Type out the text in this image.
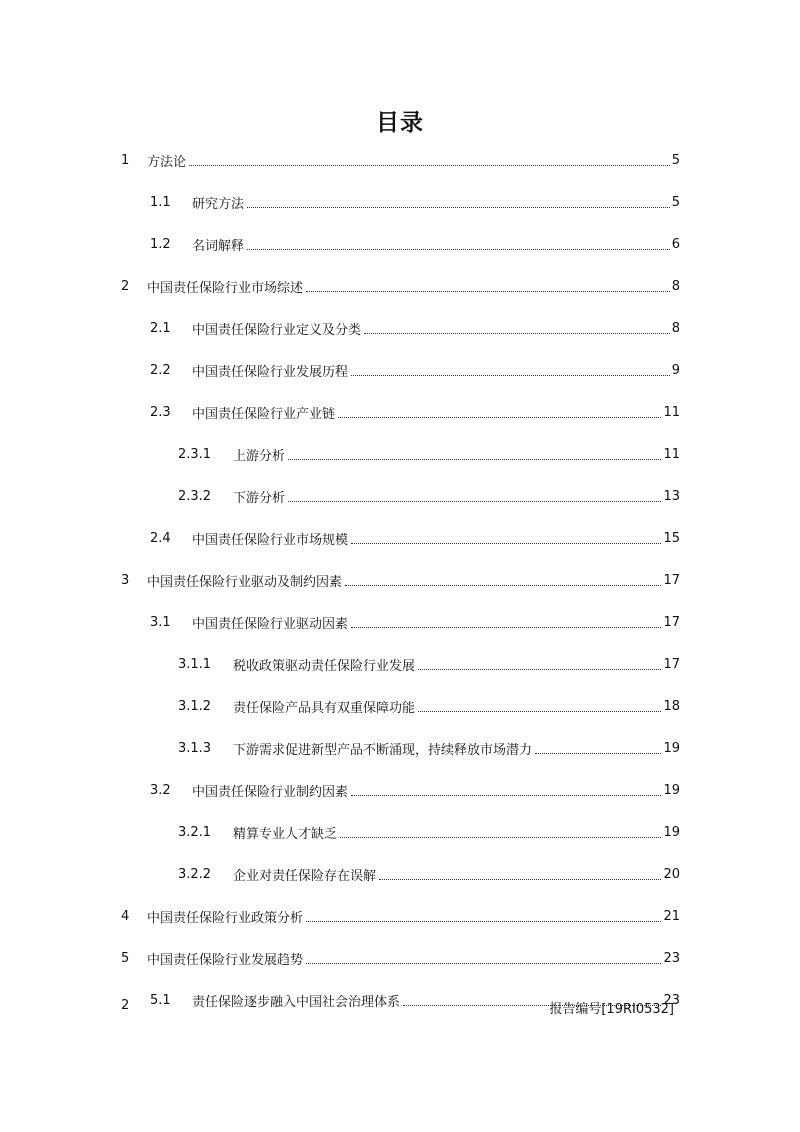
目录
1	方法论	5
1.1	研究方法	5
1.2	名词解释	6
2	中国责任保险行业市场综述	8
2.1	中国责任保险行业定义及分类	8
2.2	中国责任保险行业发展历程	9
2.3	中国责任保险行业产业链	11
2.3.1	上游分析	11
2.3.2	下游分析	13
2.4	中国责任保险行业市场规模	15
3	中国责任保险行业驱动及制约因素	17
3.1	中国责任保险行业驱动因素	17
3.1.1	税收政策驱动责任保险行业发展	17
3.1.2	责任保险产品具有双重保障功能	18
3.1.3	下游需求促进新型产品不断涌现，持续释放市场潜力	19
3.2	中国责任保险行业制约因素	19
3.2.1	精算专业人才缺乏	19
3.2.2	企业对责任保险存在误解	20
4	中国责任保险行业政策分析	21
5	中国责任保险行业发展趋势	23
5.1	责任保险逐步融入中国社会治理体系	23
2	报告编号[19RI0532]
